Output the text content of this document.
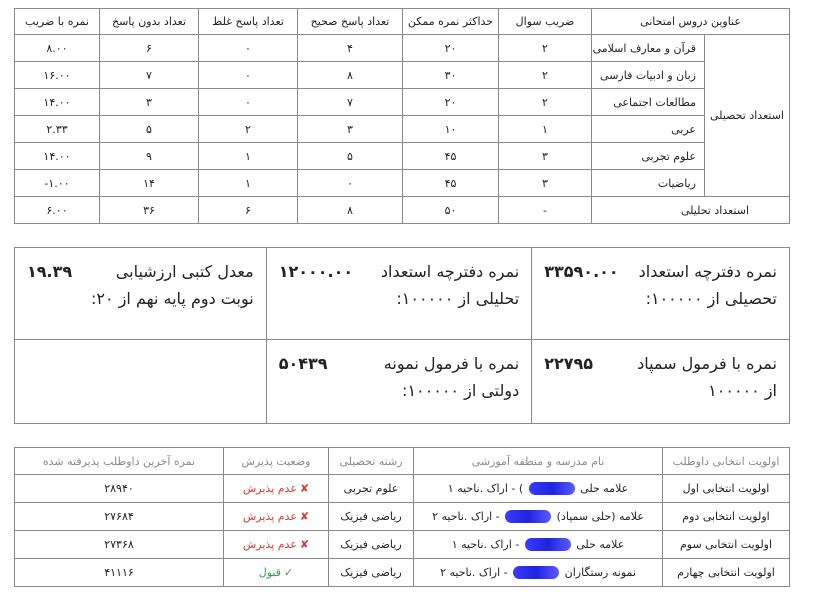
عناوین دروس امتحانی		ضریب سوال	حداکثر نمره ممکن	تعداد پاسخ صحیح	تعداد پاسخ غلط	تعداد بدون پاسخ	نمره با ضریب
استعداد تحصیلی	قرآن و معارف اسلامی	۲	۲۰	۴	۰	۶	۸.۰۰
	زبان و ادبیات فارسی	۲	۳۰	۸	۰	۷	۱۶.۰۰
	مطالعات اجتماعی	۲	۲۰	۷	۰	۳	۱۴.۰۰
	عربی	۱	۱۰	۳	۲	۵	۲.۳۳
	علوم تجربی	۳	۴۵	۵	۱	۹	۱۴.۰۰
	ریاضیات	۳	۴۵	۰	۱	۱۴	۱.۰۰-
استعداد تحلیلی		-	۵۰	۸	۶	۳۶	۶.۰۰
نمره دفترچه استعداد تحصیلی از ۱۰۰۰۰۰:
۳۳۵۹۰.۰۰	نمره دفترچه استعداد تحلیلی از ۱۰۰۰۰۰:
۱۲۰۰۰.۰۰	معدل کتبی ارزشیابی نوبت دوم پایه نهم از ۲۰:
۱۹.۳۹

نمره با فرمول سمپاد از ۱۰۰۰۰۰
۲۲۷۹۵	نمره با فرمول نمونه دولتی از ۱۰۰۰۰۰:
۵۰۴۳۹	

اولویت انتخابی داوطلب	نام مدرسه و منطقه آموزشی	رشته تحصیلی	وضعیت پذیرش	نمره آخرین داوطلب پذیرفته شده
اولویت انتخابی اول	علامه حلی  ) - اراک .ناحیه ۱	علوم تجربی	✘عدم پذیرش	۲۸۹۴۰
اولویت انتخابی دوم	علامه (حلی سمپاد)  - اراک .ناحیه ۲	ریاضی فیزیک	✘عدم پذیرش	۲۷۶۸۴
اولویت انتخابی سوم	علامه حلی  - اراک .ناحیه ۱	ریاضی فیزیک	✘عدم پذیرش	۲۷۳۶۸
اولویت انتخابی چهارم	نمونه رستگاران  - اراک .ناحیه ۲	ریاضی فیزیک	✓قبول	۴۱۱۱۶
